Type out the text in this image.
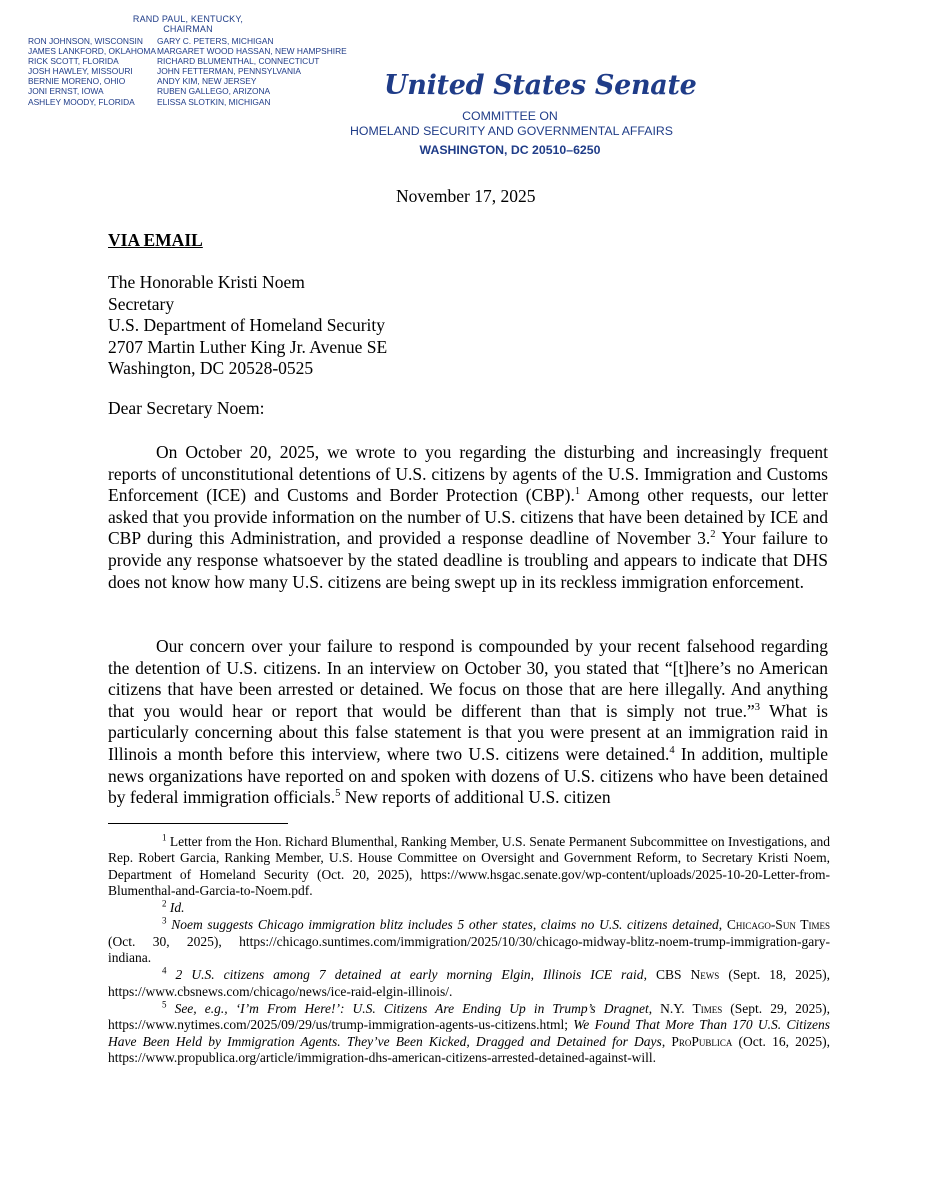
RAND PAUL, KENTUCKY, CHAIRMAN
RON JOHNSON, WISCONSIN
JAMES LANKFORD, OKLAHOMA
RICK SCOTT, FLORIDA
JOSH HAWLEY, MISSOURI
BERNIE MORENO, OHIO
JONI ERNST, IOWA
ASHLEY MOODY, FLORIDA
GARY C. PETERS, MICHIGAN
MARGARET WOOD HASSAN, NEW HAMPSHIRE
RICHARD BLUMENTHAL, CONNECTICUT
JOHN FETTERMAN, PENNSYLVANIA
ANDY KIM, NEW JERSEY
RUBEN GALLEGO, ARIZONA
ELISSA SLOTKIN, MICHIGAN
United States Senate
COMMITTEE ON
HOMELAND SECURITY AND GOVERNMENTAL AFFAIRS
WASHINGTON, DC 20510–6250
November 17, 2025
VIA EMAIL
The Honorable Kristi Noem
Secretary
U.S. Department of Homeland Security
2707 Martin Luther King Jr. Avenue SE
Washington, DC 20528-0525
Dear Secretary Noem:

On October 20, 2025, we wrote to you regarding the disturbing and increasingly frequent reports of unconstitutional detentions of U.S. citizens by agents of the U.S. Immigration and Customs Enforcement (ICE) and Customs and Border Protection (CBP).$^1$ Among other requests, our letter asked that you provide information on the number of U.S. citizens that have been detained by ICE and CBP during this Administration, and provided a response deadline of November 3.$^2$ Your failure to provide any response whatsoever by the stated deadline is troubling and appears to indicate that DHS does not know how many U.S. citizens are being swept up in its reckless immigration enforcement.

Our concern over your failure to respond is compounded by your recent falsehood regarding the detention of U.S. citizens. In an interview on October 30, you stated that “[t]here’s no American citizens that have been arrested or detained. We focus on those that are here illegally. And anything that you would hear or report that would be different than that is simply not true.”$^3$ What is particularly concerning about this false statement is that you were present at an immigration raid in Illinois a month before this interview, where two U.S. citizens were detained.$^4$ In addition, multiple news organizations have reported on and spoken with dozens of U.S. citizens who have been detained by federal immigration officials.$^5$ New reports of additional U.S. citizen

$^1$ Letter from the Hon. Richard Blumenthal, Ranking Member, U.S. Senate Permanent Subcommittee on Investigations, and Rep. Robert Garcia, Ranking Member, U.S. House Committee on Oversight and Government Reform, to Secretary Kristi Noem, Department of Homeland Security (Oct. 20, 2025), https://www.hsgac.senate.gov/wp-content/uploads/2025-10-20-Letter-from-Blumenthal-and-Garcia-to-Noem.pdf.

$^2$ Id.

$^3$ Noem suggests Chicago immigration blitz includes 5 other states, claims no U.S. citizens detained, Chicago-Sun Times (Oct. 30, 2025), https://chicago.suntimes.com/immigration/2025/10/30/chicago-midway-blitz-noem-trump-immigration-gary-indiana.

$^4$ 2 U.S. citizens among 7 detained at early morning Elgin, Illinois ICE raid, CBS News (Sept. 18, 2025), https://www.cbsnews.com/chicago/news/ice-raid-elgin-illinois/.

$^5$ See, e.g., ‘I’m From Here!’: U.S. Citizens Are Ending Up in Trump’s Dragnet, N.Y. Times (Sept. 29, 2025), https://www.nytimes.com/2025/09/29/us/trump-immigration-agents-us-citizens.html; We Found That More Than 170 U.S. Citizens Have Been Held by Immigration Agents. They’ve Been Kicked, Dragged and Detained for Days, ProPublica (Oct. 16, 2025), https://www.propublica.org/article/immigration-dhs-american-citizens-arrested-detained-against-will.
